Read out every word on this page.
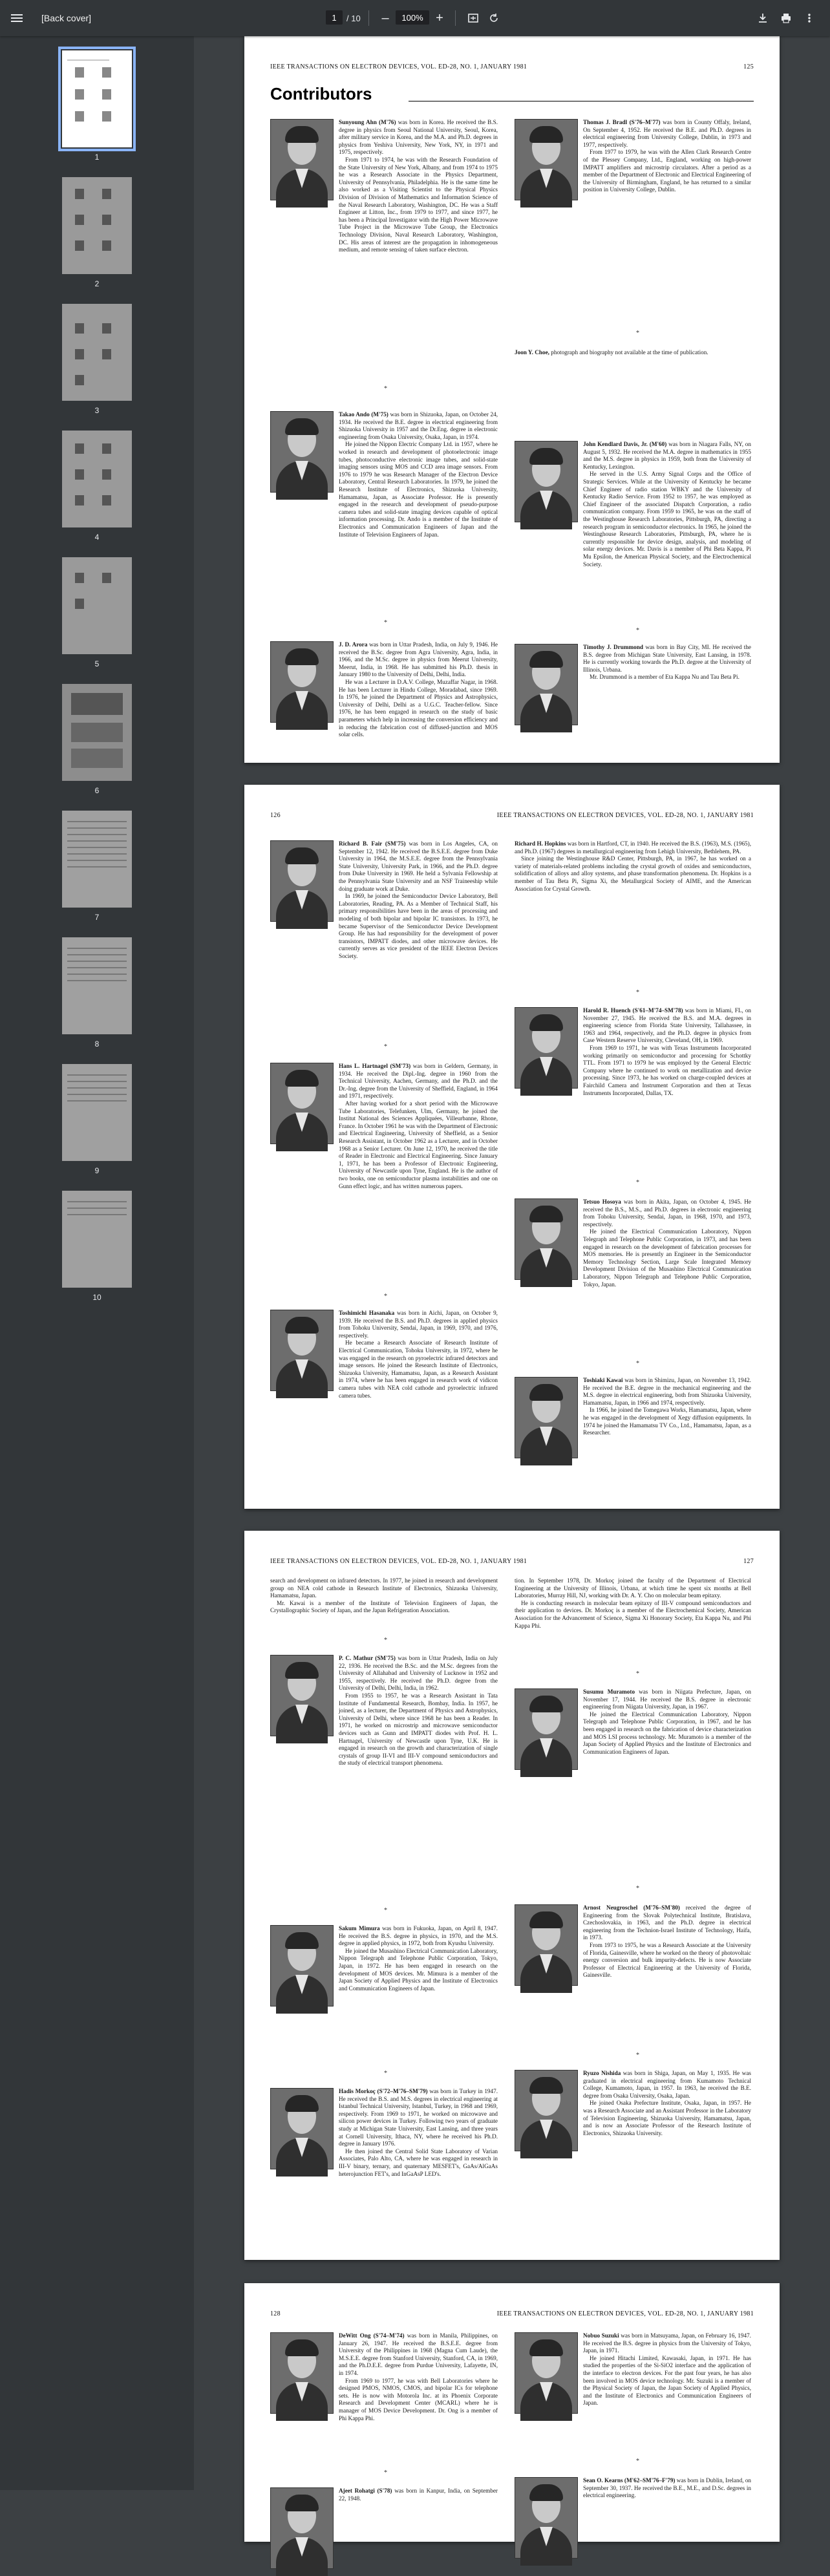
[Back cover]	1	/ 10	–	100% +
1
2
3
4
5
6
7
8
9
10
IEEE TRANSACTIONS ON ELECTRON DEVICES, VOL. ED-28, NO. 1, JANUARY 1981	125
Contributors

Sunyoung Ahn (M'76) was born in Korea. He received the B.S. degree in physics from Seoul National University, Seoul, Korea, after military service in Korea, and the M.A. and Ph.D. degrees in physics from Yeshiva University, New York, NY, in 1971 and 1975, respectively.

From 1971 to 1974, he was with the Research Foundation of the State University of New York, Albany, and from 1974 to 1975 he was a Research Associate in the Physics Department, University of Pennsylvania, Philadelphia. He is the same time he also worked as a Visiting Scientist to the Physical Physics Division of Division of Mathematics and Information Science of the Naval Research Laboratory, Washington, DC. He was a Staff Engineer at Litton, Inc., from 1979 to 1977, and since 1977, he has been a Principal Investigator with the High Power Microwave Tube Project in the Microwave Tube Group, the Electronics Technology Division, Naval Research Laboratory, Washington, DC. His areas of interest are the propagation in inhomogeneous medium, and remote sensing of taken surface electron.

Thomas J. Bradl (S'76–M'77) was born in County Offaly, Ireland, On September 4, 1952. He received the B.E. and Ph.D. degrees in electrical engineering from University College, Dublin, in 1973 and 1977, respectively.

From 1977 to 1979, he was with the Allen Clark Research Centre of the Plessey Company, Ltd., England, working on high-power IMPATT amplifiers and microstrip circulators. After a period as a member of the Department of Electronic and Electrical Engineering of the University of Birmingham, England, he has returned to a similar position in University College, Dublin.

*

Joon Y. Choe, photograph and biography not available at the time of publication.

*

Takao Ando (M'75) was born in Shizuoka, Japan, on October 24, 1934. He received the B.E. degree in electrical engineering from Shizuoka University in 1957 and the Dr.Eng. degree in electronic engineering from Osaka University, Osaka, Japan, in 1974.

He joined the Nippon Electric Company Ltd. in 1957, where he worked in research and development of photoelectronic image tubes, photoconductive electronic image tubes, and solid-state imaging sensors using MOS and CCD area image sensors. From 1976 to 1979 he was Research Manager of the Electron Device Laboratory, Central Research Laboratories. In 1979, he joined the Research Institute of Electronics, Shizuoka University, Hamamatsu, Japan, as Associate Professor. He is presently engaged in the research and development of pseudo-purpose camera tubes and solid-state imaging devices capable of optical information processing. Dr. Ando is a member of the Institute of Electronics and Communication Engineers of Japan and the Institute of Television Engineers of Japan.

John Kendlard Davis, Jr. (M'60) was born in Niagara Falls, NY, on August 5, 1932. He received the M.A. degree in mathematics in 1955 and the M.S. degree in physics in 1959, both from the University of Kentucky, Lexington.

He served in the U.S. Army Signal Corps and the Office of Strategic Services. While at the University of Kentucky he became Chief Engineer of radio station WBKY and the University of Kentucky Radio Service. From 1952 to 1957, he was employed as Chief Engineer of the associated Dispatch Corporation, a radio communication company. From 1959 to 1965, he was on the staff of the Westinghouse Research Laboratories, Pittsburgh, PA, directing a research program in semiconductor electronics. In 1965, he joined the Westinghouse Research Laboratories, Pittsburgh, PA, where he is currently responsible for device design, analysis, and modeling of solar energy devices. Mr. Davis is a member of Phi Beta Kappa, Pi Mu Epsilon, the American Physical Society, and the Electrochemical Society.

*

J. D. Arora was born in Uttar Pradesh, India, on July 9, 1946. He received the B.Sc. degree from Agra University, Agra, India, in 1966, and the M.Sc. degree in physics from Meerut University, Meerut, India, in 1968. He has submitted his Ph.D. thesis in January 1980 to the University of Delhi, Delhi, India.

He was a Lecturer in D.A.V. College, Muzaffar Nagar, in 1968. He has been Lecturer in Hindu College, Moradabad, since 1969. In 1976, he joined the Department of Physics and Astrophysics, University of Delhi, Delhi as a U.G.C. Teacher-fellow. Since 1976, he has been engaged in research on the study of basic parameters which help in increasing the conversion efficiency and in reducing the fabrication cost of diffused-junction and MOS solar cells.

*

Timothy J. Drummond was born in Bay City, MI. He received the B.S. degree from Michigan State University, East Lansing, in 1978. He is currently working towards the Ph.D. degree at the University of Illinois, Urbana.

Mr. Drummond is a member of Eta Kappa Nu and Tau Beta Pi.

126	IEEE TRANSACTIONS ON ELECTRON DEVICES, VOL. ED-28, NO. 1, JANUARY 1981

Richard B. Fair (SM'75) was born in Los Angeles, CA, on September 12, 1942. He received the B.S.E.E. degree from Duke University in 1964, the M.S.E.E. degree from the Pennsylvania State University, University Park, in 1966, and the Ph.D. degree from Duke University in 1969. He held a Sylvania Fellowship at the Pennsylvania State University and an NSF Traineeship while doing graduate work at Duke.

In 1969, he joined the Semiconductor Device Laboratory, Bell Laboratories, Reading, PA. As a Member of Technical Staff, his primary responsibilities have been in the areas of processing and modeling of both bipolar and bipolar IC transistors. In 1973, he became Supervisor of the Semiconductor Device Development Group. He has had responsibility for the development of power transistors, IMPATT diodes, and other microwave devices. He currently serves as vice president of the IEEE Electron Devices Society.

Richard H. Hopkins was born in Hartford, CT, in 1940. He received the B.S. (1963), M.S. (1965), and Ph.D. (1967) degrees in metallurgical engineering from Lehigh University, Bethlehem, PA.

Since joining the Westinghouse R&D Center, Pittsburgh, PA, in 1967, he has worked on a variety of materials-related problems including the crystal growth of oxides and semiconductors, solidification of alloys and alloy systems, and phase transformation phenomena. Dr. Hopkins is a member of Tau Beta Pi, Sigma Xi, the Metallurgical Society of AIME, and the American Association for Crystal Growth.

*

Harold R. Huench (S'61–M'74–SM'78) was born in Miami, FL, on November 27, 1945. He received the B.S. and M.A. degrees in engineering science from Florida State University, Tallahassee, in 1963 and 1964, respectively, and the Ph.D. degree in physics from Case Western Reserve University, Cleveland, OH, in 1969.

From 1969 to 1971, he was with Texas Instruments Incorporated working primarily on semiconductor and processing for Schottky TTL. From 1971 to 1979 he was employed by the General Electric Company where he continued to work on metallization and device processing. Since 1973, he has worked on charge-coupled devices at Fairchild Camera and Instrument Corporation and then at Texas Instruments Incorporated, Dallas, TX.

*

Hans L. Hartnagel (SM'73) was born in Geldern, Germany, in 1934. He received the Dipl.-Ing. degree in 1960 from the Technical University, Aachen, Germany, and the Ph.D. and the Dr.-Ing. degree from the University of Sheffield, England, in 1964 and 1971, respectively.

After having worked for a short period with the Microwave Tube Laboratories, Telefunken, Ulm, Germany, he joined the Institut National des Sciences Appliquées, Villeurbanne, Rhone, France. In October 1961 he was with the Department of Electronic and Electrical Engineering, University of Sheffield, as a Senior Research Assistant, in October 1962 as a Lecturer, and in October 1968 as a Senior Lecturer. On June 12, 1970, he received the title of Reader in Electronic and Electrical Engineering. Since January 1, 1971, he has been a Professor of Electronic Engineering, University of Newcastle upon Tyne, England. He is the author of two books, one on semiconductor plasma instabilities and one on Gunn effect logic, and has written numerous papers.	*

Tetsuo Hosoya was born in Akita, Japan, on October 4, 1945. He received the B.S., M.S., and Ph.D. degrees in electronic engineering from Tohoku University, Sendai, Japan, in 1968, 1970, and 1973, respectively.

He joined the Electrical Communication Laboratory, Nippon Telegraph and Telephone Public Corporation, in 1973, and has been engaged in research on the development of fabrication processes for MOS memories. He is presently an Engineer in the Semiconductor Memory Technology Section, Large Scale Integrated Memory Development Division of the Musashino Electrical Communication Laboratory, Nippon Telegraph and Telephone Public Corporation, Tokyo, Japan.

*

Toshimichi Hasanaka was born in Aichi, Japan, on October 9, 1939. He received the B.S. and Ph.D. degrees in applied physics from Tohoku University, Sendai, Japan, in 1969, 1970, and 1976, respectively.

He became a Research Associate of Research Institute of Electrical Communication, Tohoku University, in 1972, where he was engaged in the research on pyroelectric infrared detectors and image sensors. He joined the Research Institute of Electronics, Shizuoka University, Hamamatsu, Japan, as a Research Assistant in 1974, where he has been engaged in research work of vidicon camera tubes with NEA cold cathode and pyroelectric infrared camera tubes.

*

Toshiaki Kawai was born in Shimizu, Japan, on November 13, 1942. He received the B.E. degree in the mechanical engineering and the M.S. degree in electrical engineering, both from Shizuoka University, Hamamatsu, Japan, in 1966 and 1974, respectively.

In 1966, he joined the Tomegawa Works, Hamamatsu, Japan, where he was engaged in the development of Xegy diffusion equipments. In 1974 he joined the Hamamatsu TV Co., Ltd., Hamamatsu, Japan, as a Researcher.

IEEE TRANSACTIONS ON ELECTRON DEVICES, VOL. ED-28, NO. 1, JANUARY 1981	127

search and development on infrared detectors. In 1977, he joined in research and development group on NEA cold cathode in Research Institute of Electronics, Shizuoka University, Hamamatsu, Japan.

Mr. Kawai is a member of the Institute of Television Engineers of Japan, the Crystallographic Society of Japan, and the Japan Refrigeration Association.

tion. In September 1978, Dr. Morkoç joined the faculty of the Department of Electrical Engineering at the University of Illinois, Urbana, at which time he spent six months at Bell Laboratories, Murray Hill, NJ, working with Dr. A. Y. Cho on molecular beam epitaxy.

He is conducting research in molecular beam epitaxy of III-V compound semiconductors and their application to devices. Dr. Morkoç is a member of the Electrochemical Society, American Association for the Advancement of Science, Sigma Xi Honorary Society, Eta Kappa Nu, and Phi Kappa Phi.

*

P. C. Mathur (SM'75) was born in Uttar Pradesh, India on July 22, 1936. He received the B.Sc. and the M.Sc. degrees from the University of Allahabad and University of Lucknow in 1952 and 1955, respectively. He received the Ph.D. degree from the University of Delhi, Delhi, India, in 1962.

From 1955 to 1957, he was a Research Assistant in Tata Institute of Fundamental Research, Bombay, India. In 1957, he joined, as a lecturer, the Department of Physics and Astrophysics, University of Delhi, where since 1968 he has been a Reader. In 1971, he worked on microstrip and microwave semiconductor devices such as Gunn and IMPATT diodes with Prof. H. L. Hartnagel, University of Newcastle upon Tyne, U.K. He is engaged in research on the growth and characterization of single crystals of group II-VI and III-V compound semiconductors and the study of electrical transport phenomena.

*

Susumu Muramoto was born in Niigata Prefecture, Japan, on November 17, 1944. He received the B.S. degree in electronic engineering from Niigata University, Japan, in 1967.

He joined the Electrical Communication Laboratory, Nippon Telegraph and Telephone Public Corporation, in 1967, and he has been engaged in research on the fabrication of device characterization and MOS LSI process technology. Mr. Muramoto is a member of the Japan Society of Applied Physics and the Institute of Electronics and Communication Engineers of Japan.

*

Sakum Mimura was born in Fukuoka, Japan, on April 8, 1947. He received the B.S. degree in physics, in 1970, and the M.S. degree in applied physics, in 1972, both from Kyushu University.

He joined the Musashino Electrical Communication Laboratory, Nippon Telegraph and Telephone Public Corporation, Tokyo, Japan, in 1972. He has been engaged in research on the development of MOS devices. Mr. Mimura is a member of the Japan Society of Applied Physics and the Institute of Electronics and Communication Engineers of Japan.

*

Arnost Neugroschel (M'76–SM'80) received the degree of Engineering from the Slovak Polytechnical Institute, Bratislava, Czechoslovakia, in 1963, and the Ph.D. degree in electrical engineering from the Technion-Israel Institute of Technology, Haifa, in 1973.

From 1973 to 1975, he was a Research Associate at the University of Florida, Gainesville, where he worked on the theory of photovoltaic energy conversion and bulk impurity-defects. He is now Associate Professor of Electrical Engineering at the University of Florida, Gainesville.

*

Ryuzo Nishida was born in Shiga, Japan, on May 1, 1935. He was graduated in electrical engineering from Kumamoto Technical College, Kumamoto, Japan, in 1957. In 1963, he received the B.E. degree from Osaka University, Osaka, Japan.

He joined Osaka Prefecture Institute, Osaka, Japan, in 1957. He was a Research Associate and an Assistant Professor in the Laboratory of Television Engineering, Shizuoka University, Hamamatsu, Japan, and is now an Associate Professor of the Research Institute of Electronics, Shizuoka University.

*

Hadis Morkoç (S'72–M'76–SM'79) was born in Turkey in 1947. He received the B.S. and M.S. degrees in electrical engineering at Istanbul Technical University, Istanbul, Turkey, in 1968 and 1969, respectively. From 1969 to 1971, he worked on microwave and silicon power devices in Turkey. Following two years of graduate study at Michigan State University, East Lansing, and three years at Cornell University, Ithaca, NY, where he received his Ph.D. degree in January 1976.

He then joined the Central Solid State Laboratory of Varian Associates, Palo Alto, CA, where he was engaged in research in III-V binary, ternary, and quaternary MESFET's, GaAs/AlGaAs heterojunction FET's, and InGaAsP LED's.

128	IEEE TRANSACTIONS ON ELECTRON DEVICES, VOL. ED-28, NO. 1, JANUARY 1981

DeWitt Ong (S'74–M'74) was born in Manila, Philippines, on January 26, 1947. He received the B.S.E.E. degree from University of the Philippines in 1968 (Magna Cum Laude), the M.S.E.E. degree from Stanford University, Stanford, CA, in 1969, and the Ph.D.E.E. degree from Purdue University, Lafayette, IN, in 1974.

From 1969 to 1977, he was with Bell Laboratories where he designed PMOS, NMOS, CMOS, and bipolar ICs for telephone sets. He is now with Motorola Inc. at its Phoenix Corporate Research and Development Center (MCARL) where he is manager of MOS Device Development. Dr. Ong is a member of Phi Kappa Phi.

Nobuo Suzuki was born in Matsuyama, Japan, on February 16, 1947. He received the B.S. degree in physics from the University of Tokyo, Japan, in 1971.

He joined Hitachi Limited, Kawasaki, Japan, in 1971. He has studied the properties of the Si-SiO2 interface and the application of the interface to electron devices. For the past four years, he has also been involved in MOS device technology. Mr. Suzuki is a member of the Physical Society of Japan, the Japan Society of Applied Physics, and the Institute of Electronics and Communication Engineers of Japan.

*

Ajeet Rohatgi (S'78) was born in Kanpur, India, on September 22, 1948.

*

Sean O. Kearns (M'62–SM'76–F'79) was born in Dublin, Ireland, on September 30, 1937. He received the B.E., M.E., and D.Sc. degrees in electrical engineering.
